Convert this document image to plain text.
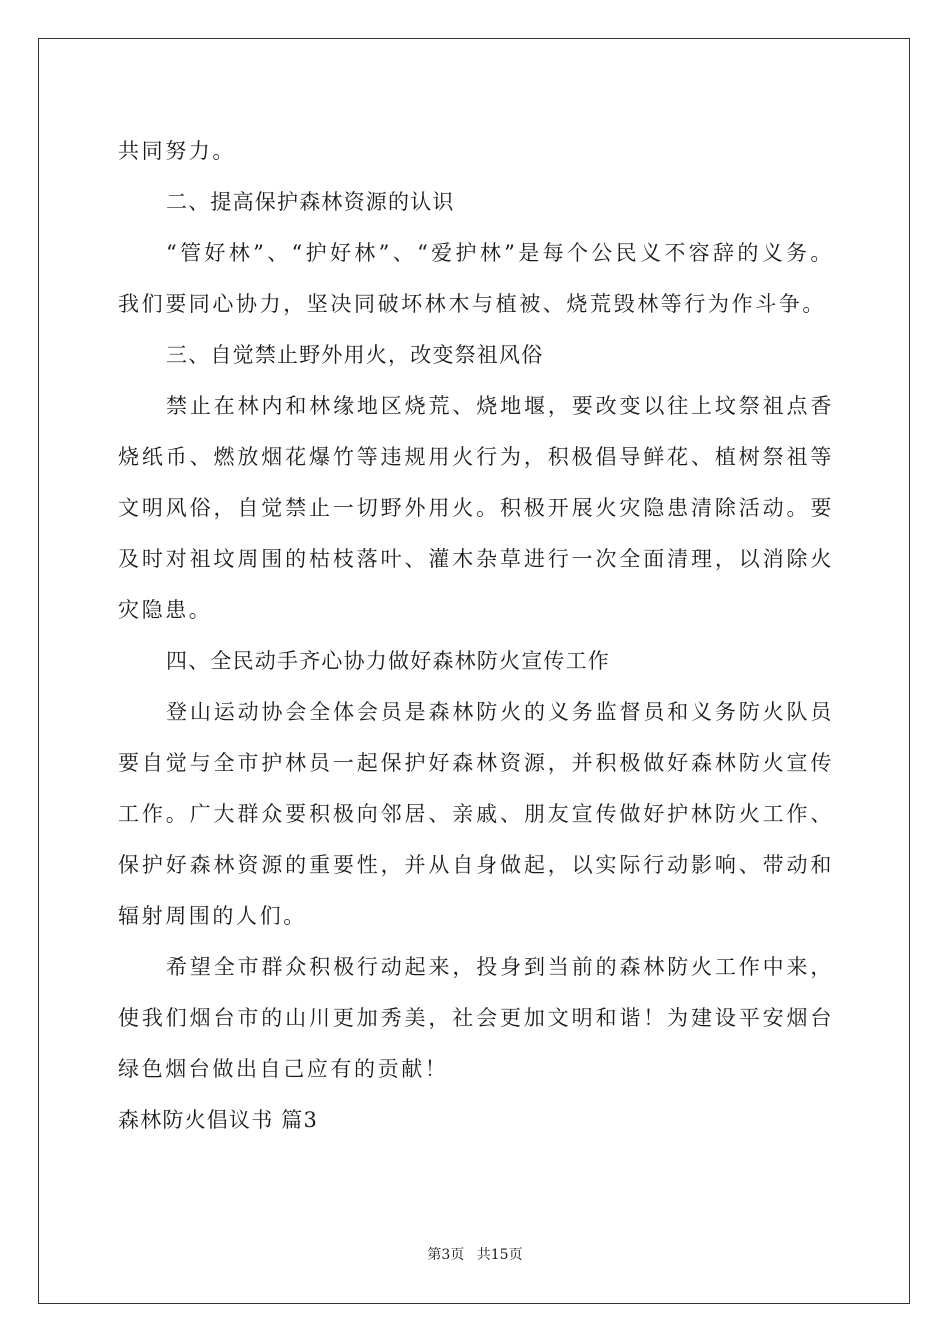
共同努力。

二、提高保护森林资源的认识

“管好林”、“护好林”、“爱护林”是每个公民义不容辞的义务。我们要同心协力，坚决同破坏林木与植被、烧荒毁林等行为作斗争。

三、自觉禁止野外用火，改变祭祖风俗

禁止在林内和林缘地区烧荒、烧地堰，要改变以往上坟祭祖点香烧纸币、燃放烟花爆竹等违规用火行为，积极倡导鲜花、植树祭祖等文明风俗，自觉禁止一切野外用火。积极开展火灾隐患清除活动。要及时对祖坟周围的枯枝落叶、灌木杂草进行一次全面清理，以消除火灾隐患。

四、全民动手齐心协力做好森林防火宣传工作

登山运动协会全体会员是森林防火的义务监督员和义务防火队员要自觉与全市护林员一起保护好森林资源，并积极做好森林防火宣传工作。广大群众要积极向邻居、亲戚、朋友宣传做好护林防火工作、保护好森林资源的重要性，并从自身做起，以实际行动影响、带动和辐射周围的人们。

希望全市群众积极行动起来，投身到当前的森林防火工作中来，使我们烟台市的山川更加秀美，社会更加文明和谐！为建设平安烟台绿色烟台做出自己应有的贡献！

森林防火倡议书 篇3

第3页 共15页
